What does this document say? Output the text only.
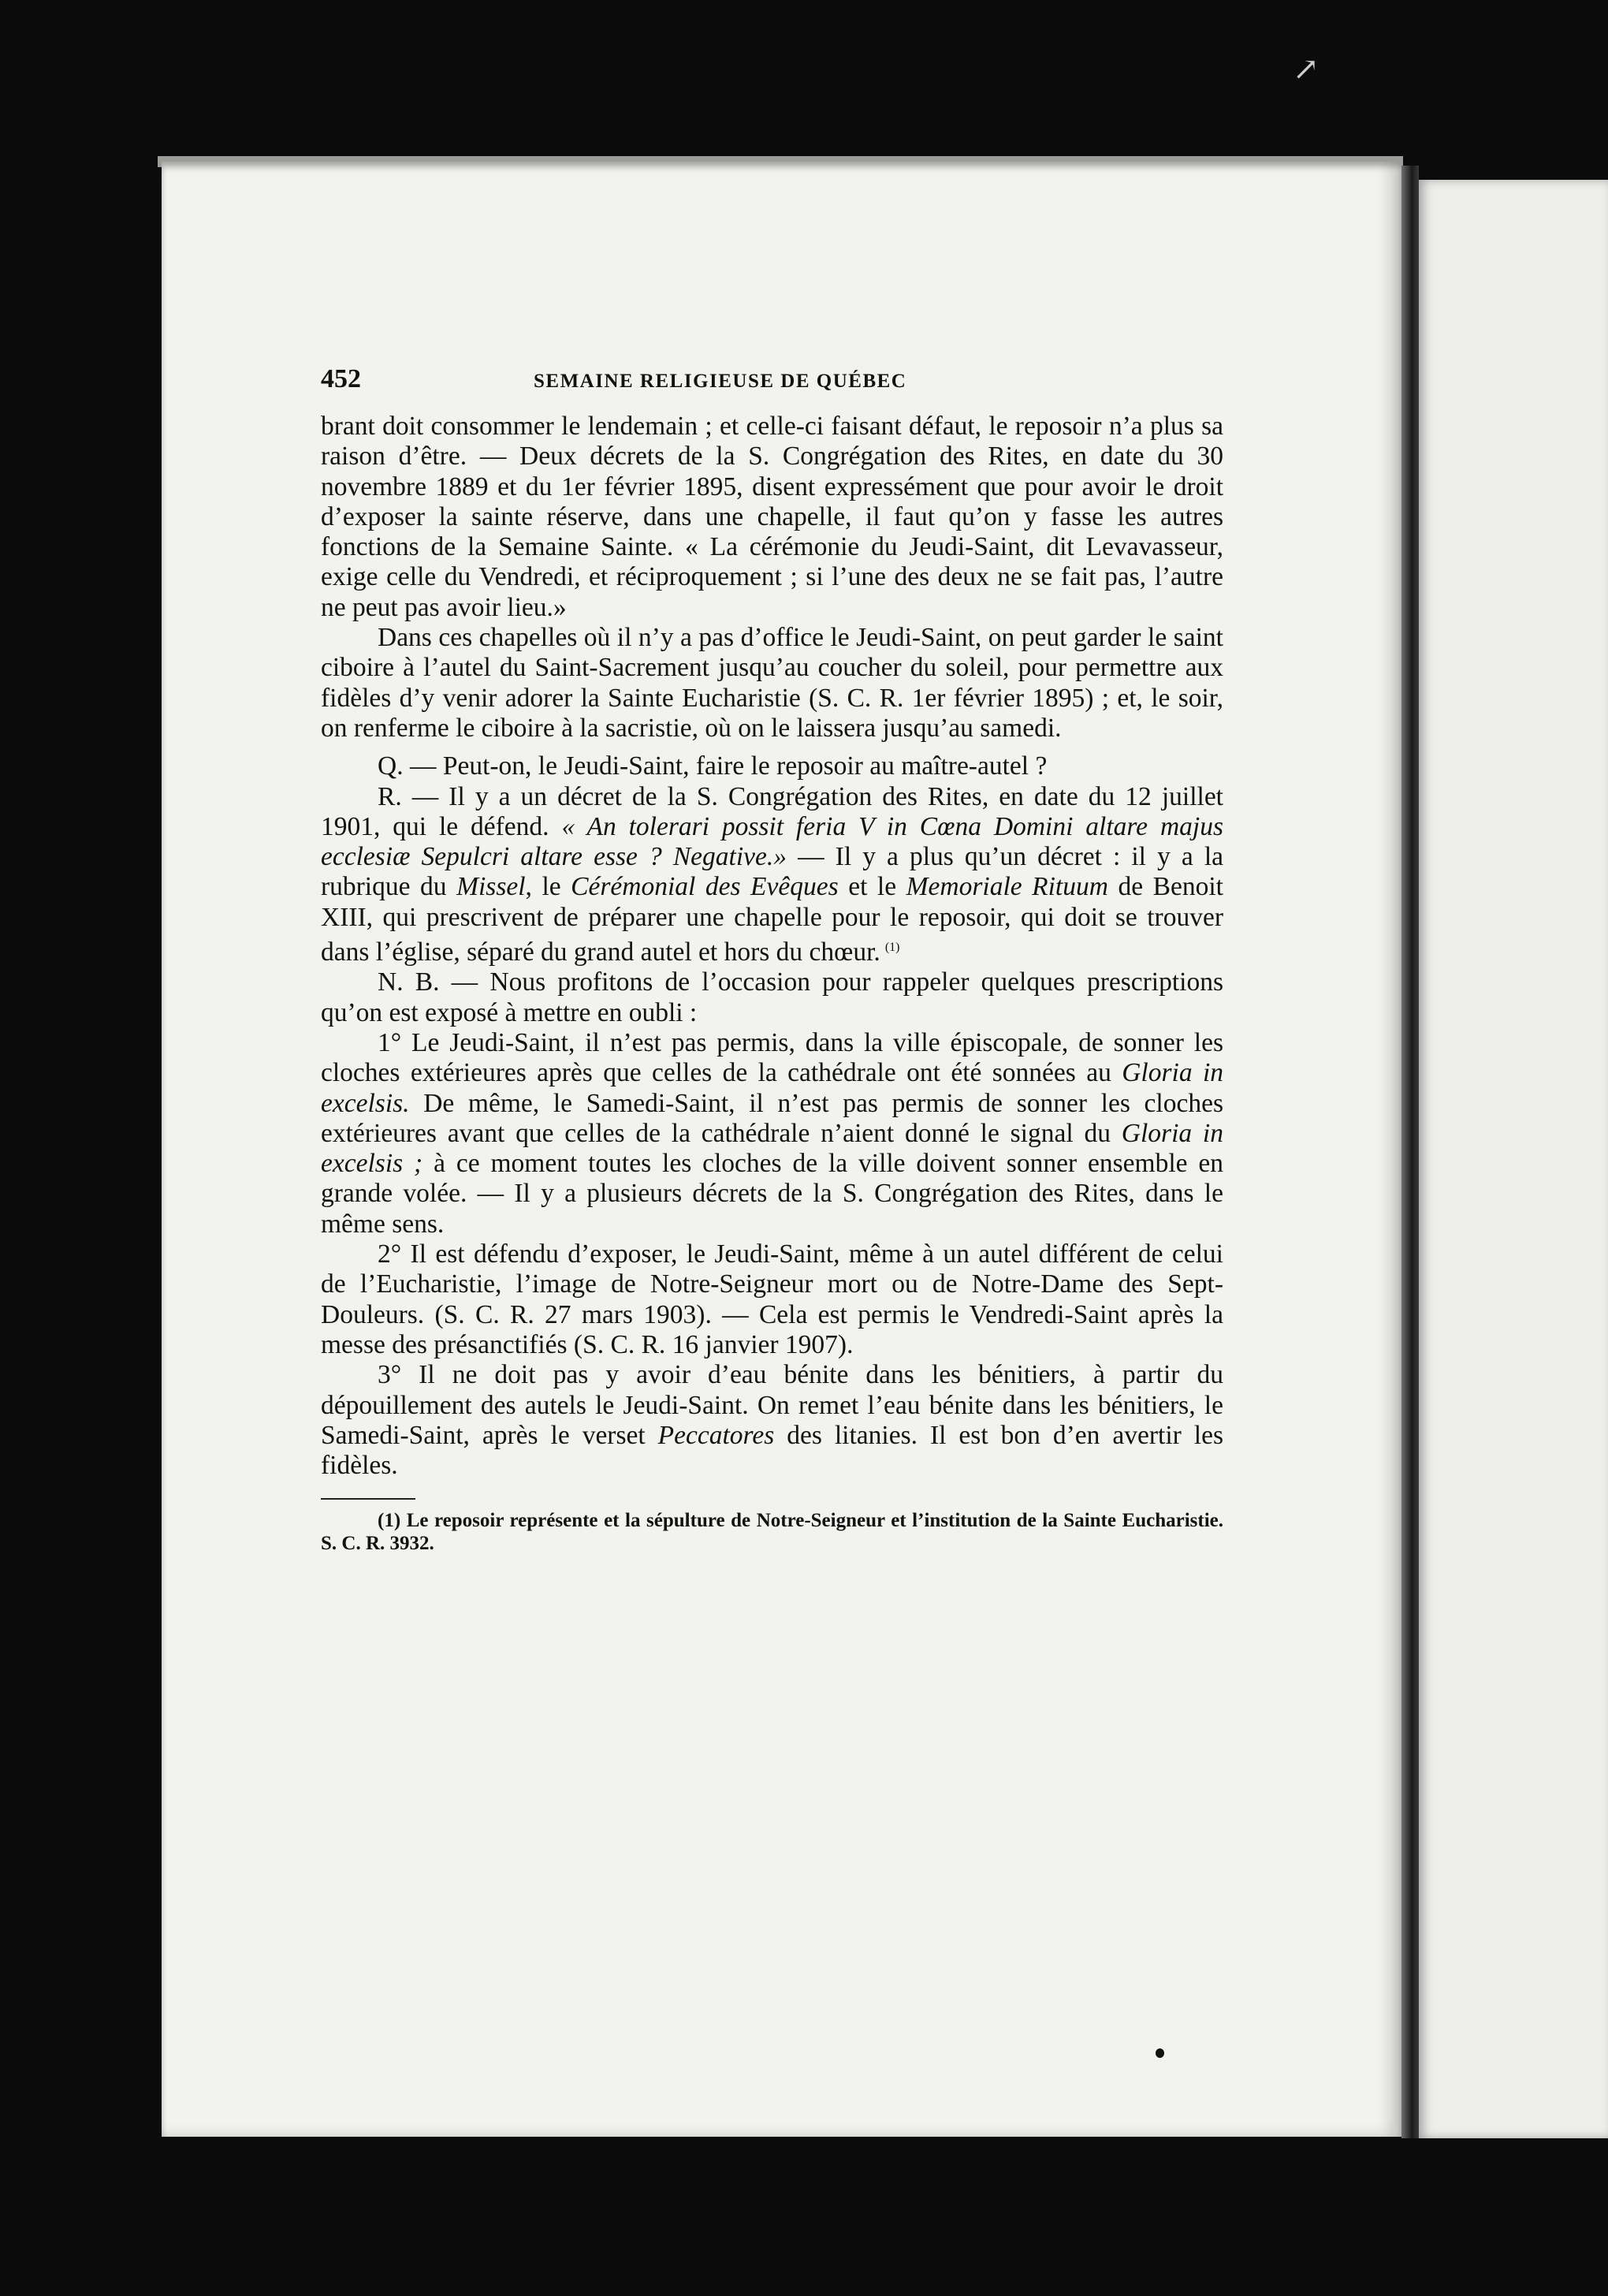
↗
452	SEMAINE RELIGIEUSE DE QUÉBEC

brant doit consommer le lendemain ; et celle-ci faisant défaut, le reposoir n’a plus sa raison d’être. — Deux décrets de la S. Congrégation des Rites, en date du 30 novembre 1889 et du 1er février 1895, disent expressément que pour avoir le droit d’exposer la sainte réserve, dans une chapelle, il faut qu’on y fasse les autres fonctions de la Semaine Sainte. « La cérémonie du Jeudi-Saint, dit Levavasseur, exige celle du Vendredi, et réciproquement ; si l’une des deux ne se fait pas, l’autre ne peut pas avoir lieu.»

Dans ces chapelles où il n’y a pas d’office le Jeudi-Saint, on peut garder le saint ciboire à l’autel du Saint-Sacrement jusqu’au coucher du soleil, pour permettre aux fidèles d’y venir adorer la Sainte Eucharistie (S. C. R. 1er février 1895) ; et, le soir, on renferme le ciboire à la sacristie, où on le laissera jusqu’au samedi.

Q. — Peut-on, le Jeudi-Saint, faire le reposoir au maître-autel ?

R. — Il y a un décret de la S. Congrégation des Rites, en date du 12 juillet 1901, qui le défend. « An tolerari possit feria V in Cœna Domini altare majus ecclesiæ Sepulcri altare esse ? Negative.» — Il y a plus qu’un décret : il y a la rubrique du Missel, le Cérémonial des Evêques et le Memoriale Rituum de Benoit XIII, qui prescrivent de préparer une chapelle pour le reposoir, qui doit se trouver dans l’église, séparé du grand autel et hors du chœur. $^{(1)}$

N. B. — Nous profitons de l’occasion pour rappeler quelques prescriptions qu’on est exposé à mettre en oubli :

1° Le Jeudi-Saint, il n’est pas permis, dans la ville épiscopale, de sonner les cloches extérieures après que celles de la cathédrale ont été sonnées au Gloria in excelsis. De même, le Samedi-Saint, il n’est pas permis de sonner les cloches extérieures avant que celles de la cathédrale n’aient donné le signal du Gloria in excelsis ; à ce moment toutes les cloches de la ville doivent sonner ensemble en grande volée. — Il y a plusieurs décrets de la S. Congrégation des Rites, dans le même sens.

2° Il est défendu d’exposer, le Jeudi-Saint, même à un autel différent de celui de l’Eucharistie, l’image de Notre-Seigneur mort ou de Notre-Dame des Sept-Douleurs. (S. C. R. 27 mars 1903). — Cela est permis le Vendredi-Saint après la messe des présanctifiés (S. C. R. 16 janvier 1907).

3° Il ne doit pas y avoir d’eau bénite dans les bénitiers, à partir du dépouillement des autels le Jeudi-Saint. On remet l’eau bénite dans les bénitiers, le Samedi-Saint, après le verset Peccatores des litanies. Il est bon d’en avertir les fidèles.

(1) Le reposoir représente et la sépulture de Notre-Seigneur et l’institution de la Sainte Eucharistie. S. C. R. 3932.
